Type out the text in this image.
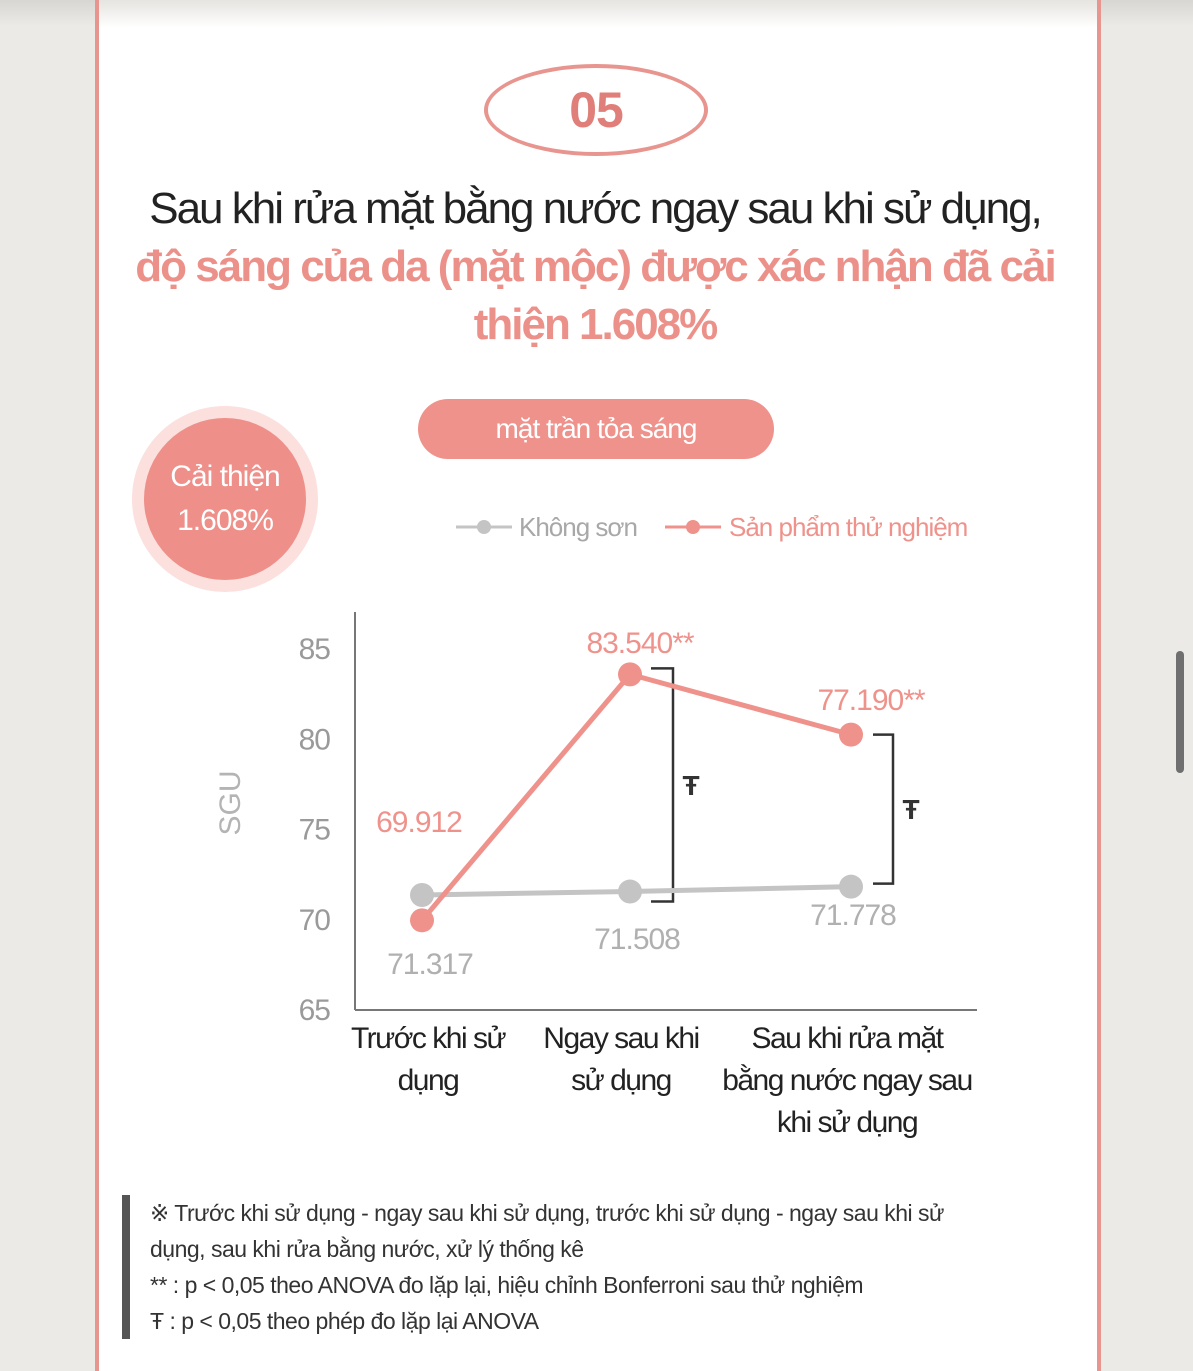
05
Sau khi rửa mặt bằng nước ngay sau khi sử dụng,
độ sáng của da (mặt mộc) được xác nhận đã cải
thiện 1.608%
mặt trần tỏa sáng
Cải thiện
1.608%
85
80
75
70
65
SGU
Trước khi sử
dụng
Ngay sau khi
sử dụng
Sau khi rửa mặt
bằng nước ngay sau
khi sử dụng
Không sơn	Sản phẩm thử nghiệm
Ŧ
Ŧ
71.317
71.508
71.778
69.912
83.540**
77.190**
※ Trước khi sử dụng - ngay sau khi sử dụng, trước khi sử dụng - ngay sau khi sử
dụng, sau khi rửa bằng nước, xử lý thống kê
** : p < 0,05 theo ANOVA đo lặp lại, hiệu chỉnh Bonferroni sau thử nghiệm
Ŧ : p < 0,05 theo phép đo lặp lại ANOVA
